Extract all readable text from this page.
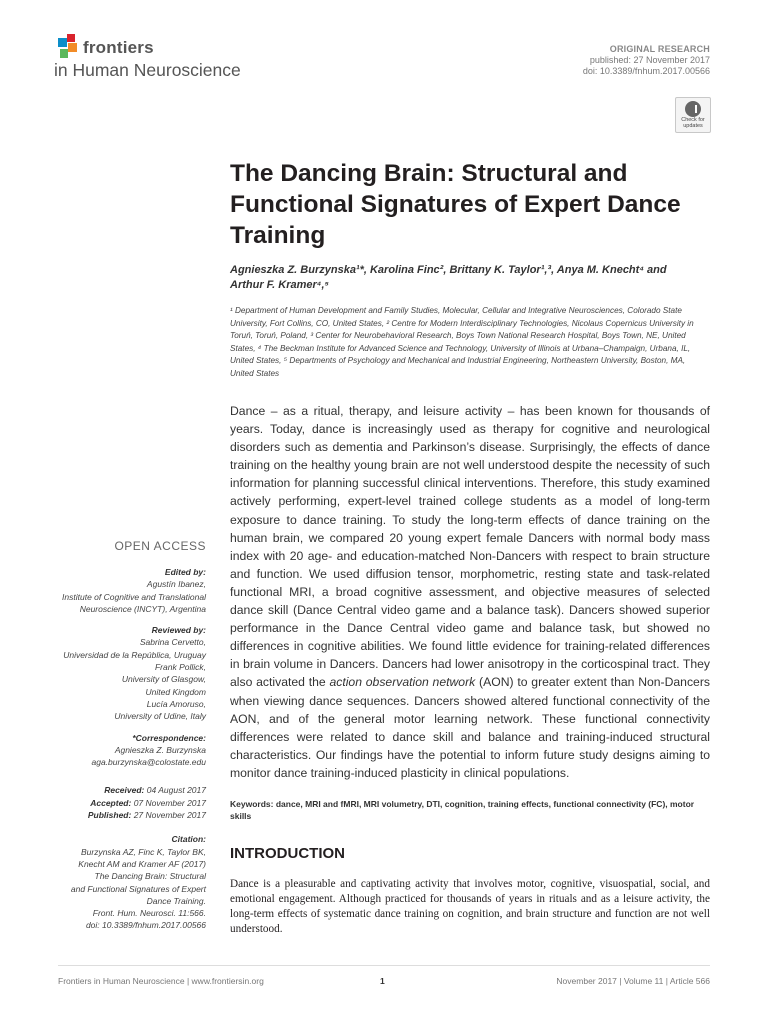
frontiers
in Human Neuroscience
ORIGINAL RESEARCH
published: 27 November 2017
doi: 10.3389/fnhum.2017.00566
Check for
updates
The Dancing Brain: Structural and Functional Signatures of Expert Dance Training
Agnieszka Z. Burzynska¹*, Karolina Finc², Brittany K. Taylor¹,³, Anya M. Knecht⁴ and
Arthur F. Kramer⁴,⁵
¹ Department of Human Development and Family Studies, Molecular, Cellular and Integrative Neurosciences, Colorado State University, Fort Collins, CO, United States, ² Centre for Modern Interdisciplinary Technologies, Nicolaus Copernicus University in Toruń, Toruń, Poland, ³ Center for Neurobehavioral Research, Boys Town National Research Hospital, Boys Town, NE, United States, ⁴ The Beckman Institute for Advanced Science and Technology, University of Illinois at Urbana–Champaign, Urbana, IL, United States, ⁵ Departments of Psychology and Mechanical and Industrial Engineering, Northeastern University, Boston, MA, United States
Dance – as a ritual, therapy, and leisure activity – has been known for thousands of years. Today, dance is increasingly used as therapy for cognitive and neurological disorders such as dementia and Parkinson’s disease. Surprisingly, the effects of dance training on the healthy young brain are not well understood despite the necessity of such information for planning successful clinical interventions. Therefore, this study examined actively performing, expert-level trained college students as a model of long-term exposure to dance training. To study the long-term effects of dance training on the human brain, we compared 20 young expert female Dancers with normal body mass index with 20 age- and education-matched Non-Dancers with respect to brain structure and function. We used diffusion tensor, morphometric, resting state and task-related functional MRI, a broad cognitive assessment, and objective measures of selected dance skill (Dance Central video game and a balance task). Dancers showed superior performance in the Dance Central video game and balance task, but showed no differences in cognitive abilities. We found little evidence for training-related differences in brain volume in Dancers. Dancers had lower anisotropy in the corticospinal tract. They also activated the action observation network (AON) to greater extent than Non-Dancers when viewing dance sequences. Dancers showed altered functional connectivity of the AON, and of the general motor learning network. These functional connectivity differences were related to dance skill and balance and training-induced structural characteristics. Our findings have the potential to inform future study designs aiming to monitor dance training-induced plasticity in clinical populations.
Keywords: dance, MRI and fMRI, MRI volumetry, DTI, cognition, training effects, functional connectivity (FC), motor skills
INTRODUCTION
Dance is a pleasurable and captivating activity that involves motor, cognitive, visuospatial, social, and emotional engagement. Although practiced for thousands of years in rituals and as a leisure activity, the long-term effects of systematic dance training on cognition, and brain structure and function are not well understood.
OPEN ACCESS
Edited by:
Agustín Ibanez,
Institute of Cognitive and Translational
Neuroscience (INCYT), Argentina
Reviewed by:
Sabrina Cervetto,
Universidad de la República, Uruguay
Frank Pollick,
University of Glasgow,
United Kingdom
Lucía Amoruso,
University of Udine, Italy
*Correspondence:
Agnieszka Z. Burzynska
aga.burzynska@colostate.edu
Received: 04 August 2017
Accepted: 07 November 2017
Published: 27 November 2017
Citation:
Burzynska AZ, Finc K, Taylor BK,
Knecht AM and Kramer AF (2017)
The Dancing Brain: Structural
and Functional Signatures of Expert
Dance Training.
Front. Hum. Neurosci. 11:566.
doi: 10.3389/fnhum.2017.00566
Frontiers in Human Neuroscience | www.frontiersin.org	1	November 2017 | Volume 11 | Article 566
